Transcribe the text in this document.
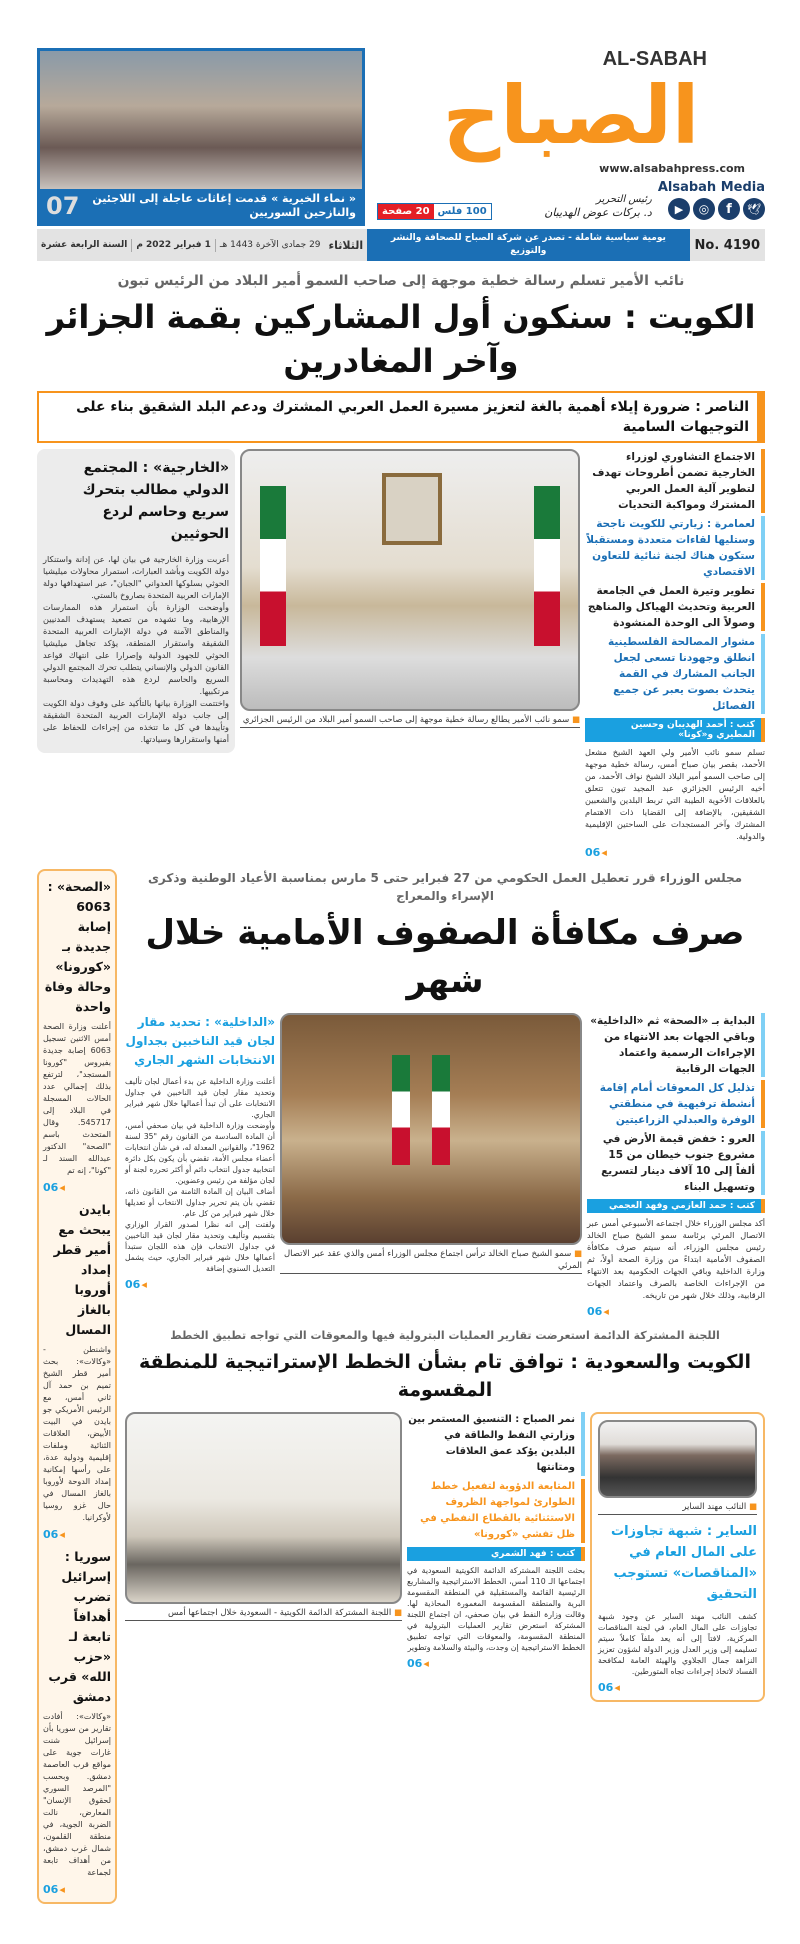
07	« نماء الخيرية » قدمت إغاثات عاجلة إلى اللاجئين والنازحين السوريين
AL-SABAH
الصباح
www.alsabahpress.com
20 صفحة 100 فلس
رئيس التحرير
د. بركات عوض الهديبان
Alsabah Media
▶	◎	f	🕊
السنة الرابعة عشرة	1 فبراير 2022 م	29 جمادى الآخرة 1443 هـ الثلاثاء
يومية سياسية شاملة - تصدر عن شركة الصباح للصحافة والنشر والتوزيع	No. 4190
نائب الأمير تسلم رسالة خطية موجهة إلى صاحب السمو أمير البلاد من الرئيس تبون
الكويت : سنكون أول المشاركين بقمة الجزائر وآخر المغادرين
الناصر : ضرورة إيلاء أهمية بالغة لتعزيز مسيرة العمل العربي المشترك ودعم البلد الشقيق بناء على التوجيهات السامية
«الخارجية» : المجتمع الدولي مطالب بتحرك سريع وحاسم لردع الحوثيين

أعربت وزارة الخارجية في بيان لها، عن إدانة واستنكار دولة الكويت وبأشد العبارات، استمرار محاولات ميليشيا الحوثي بسلوكها العدواني "الجبان"، عبر استهدافها دولة الإمارات العربية المتحدة بصاروخ بالستي.

وأوضحت الوزارة بأن استمرار هذه الممارسات الإرهابية، وما تشهده من تصعيد يستهدف المدنيين والمناطق الآمنة في دولة الإمارات العربية المتحدة الشقيقة واستقرار المنطقة، يؤكد تجاهل ميليشيا الحوثي للجهود الدولية وإصرارا على انتهاك قواعد القانون الدولي والإنساني يتطلب تحرك المجتمع الدولي السريع والحاسم لردع هذه التهديدات ومحاسبة مرتكبيها.

واختتمت الوزارة بيانها بالتأكيد على وقوف دولة الكويت إلى جانب دولة الإمارات العربية المتحدة الشقيقة وتأييدها في كل ما تتخذه من إجراءات للحفاظ على أمنها واستقرارها وسيادتها.

■ سمو نائب الأمير يطالع رسالة خطية موجهة إلى صاحب السمو أمير البلاد من الرئيس الجزائري
الاجتماع التشاوري لوزراء الخارجية تضمن أطروحات تهدف لتطوير آلية العمل العربي المشترك ومواكبة التحديات
لعمامرة : زيارتي للكويت ناجحة وستليها لقاءات متعددة ومستقبلاً ستكون هناك لجنة ثنائية للتعاون الاقتصادي
تطوير وتيرة العمل في الجامعة العربية وتحديث الهياكل والمناهج وصولاً الى الوحدة المنشودة
مشوار المصالحة الفلسطينية انطلق وجهودنا تسعى لجعل الجانب المشارك في القمة يتحدث بصوت يعبر عن جميع الفصائل
كتب : أحمد الهديبان وحسين المطيري و«كونا»

تسلم سمو نائب الأمير ولي العهد الشيخ مشعل الأحمد، بقصر بيان صباح أمس، رسالة خطية موجهة إلى صاحب السمو أمير البلاد الشيخ نواف الأحمد، من أخيه الرئيس الجزائري عبد المجيد تبون تتعلق بالعلاقات الأخوية الطيبة التي تربط البلدين والشعبين الشقيقين، بالإضافة إلى القضايا ذات الاهتمام المشترك وآخر المستجدات على الساحتين الإقليمية والدولية.

06 ◂
«الصحة» : 6063 إصابة جديدة بـ «كورونا» وحالة وفاة واحدة

أعلنت وزارة الصحة أمس الاثنين تسجيل 6063 إصابة جديدة بفيروس "كورونا المستجد"، لترتفع بذلك إجمالي عدد الحالات المسجلة في البلاد إلى 545717. وقال المتحدث باسم "الصحة" الدكتور عبدالله السند لـ "كونا"، إنه تم

06 ◂
بايدن يبحث مع أمير قطر إمداد أوروبا بالغاز المسال

واشنطن - «وكالات»: بحث أمير قطر الشيخ تميم بن حمد آل ثاني أمس، مع الرئيس الأمريكي جو بايدن في البيت الأبيض، العلاقات الثنائية وملفات إقليمية ودولية عدة، على رأسها إمكانية إمداد الدوحة لأوروبا بالغاز المسال في حال غزو روسيا لأوكرانيا.

06 ◂
سوريا : إسرائيل تضرب أهدافاً تابعة لـ «حزب الله» قرب دمشق

«وكالات»: أفادت تقارير من سوريا بأن إسرائيل شنت غارات جوية على مواقع قرب العاصمة دمشق. وبحسب "المرصد السوري لحقوق الإنسان" المعارض، نالت الضربة الجوية، في منطقة القلمون، شمال غرب دمشق، من أهداف تابعة لجماعة

06 ◂
مجلس الوزراء قرر تعطيل العمل الحكومي من 27 فبراير حتى 5 مارس بمناسبة الأعياد الوطنية وذكرى الإسراء والمعراج
صرف مكافأة الصفوف الأمامية خلال شهر
«الداخلية» : تحديد مقار لجان قيد الناخبين بجداول الانتخابات الشهر الجاري

أعلنت وزارة الداخلية عن بدء أعمال لجان تأليف وتحديد مقار لجان قيد الناخبين في جداول الانتخابات على أن تبدأ أعمالها خلال شهر فبراير الجاري.

وأوضحت وزارة الداخلية في بيان صحفي أمس، أن المادة السادسة من القانون رقم "35 لسنة 1962"، والقوانين المعدلة له، في شأن انتخابات أعضاء مجلس الأمة، تقضي بأن يكون بكل دائرة انتخابية جدول انتخاب دائم أو أكثر تحرره لجنة أو لجان مؤلفة من رئيس وعضوين.

أضاف البيان إن المادة الثامنة من القانون ذاته، تقضي بأن يتم تحرير جداول الانتخاب أو تعديلها خلال شهر فبراير من كل عام.

ولفتت إلى انه نظرا لصدور القرار الوزاري بتقسيم وتأليف وتحديد مقار لجان قيد الناخبين في جداول الانتخاب فإن هذه اللجان ستبدأ أعمالها خلال شهر فبراير الجاري، حيث يشمل التعديل السنوي إضافة

06 ◂
■ سمو الشيخ صباح الخالد ترأس اجتماع مجلس الوزراء أمس والذي عقد عبر الاتصال المرئي
البداية بـ «الصحة» ثم «الداخلية» وباقي الجهات بعد الانتهاء من الإجراءات الرسمية واعتماد الجهات الرقابية
تذليل كل المعوقات أمام إقامة أنشطة ترفيهية في منطقتي الوفرة والعبدلي الزراعيتين
العرو : خفض قيمة الأرض في مشروع جنوب خيطان من 15 ألفاً إلى 10 آلاف دينار لتسريع وتسهيل البناء
كتب : حمد العازمي وفهد العجمي

أكد مجلس الوزراء خلال اجتماعه الأسبوعي أمس عبر الاتصال المرئي برئاسة سمو الشيخ صباح الخالد رئيس مجلس الوزراء، أنه سيتم صرف مكافأة الصفوف الأمامية ابتداءً من وزارة الصحة أولاً، ثم وزارة الداخلية وباقي الجهات الحكومية بعد الانتهاء من الإجراءات الخاصة بالصرف واعتماد الجهات الرقابية، وذلك خلال شهر من تاريخه.

06 ◂
اللجنة المشتركة الدائمة استعرضت تقارير العمليات البترولية فيها والمعوقات التي تواجه تطبيق الخطط
الكويت والسعودية : توافق تام بشأن الخطط الإستراتيجية للمنطقة المقسومة
■ اللجنة المشتركة الدائمة الكويتية - السعودية خلال اجتماعها أمس
نمر الصباح : التنسيق المستمر بين وزارتي النفط والطاقة في البلدين يؤكد عمق العلاقات ومتانتها
المتابعة الدؤوبة لتفعيل خطط الطوارئ لمواجهة الظروف الاستثنائية بالقطاع النفطي في ظل تفشي «كورونا»
كتب : فهد الشمري

بحثت اللجنة المشتركة الدائمة الكويتية السعودية في اجتماعها الـ 110 أمس، الخطط الاستراتيجية والمشاريع الرئيسية القائمة والمستقبلية في المنطقة المقسومة البرية والمنطقة المقسومة المغمورة المحاذية لها. وقالت وزارة النفط في بيان صحفي، ان اجتماع اللجنة المشتركة استعرض تقارير العمليات البترولية في المنطقة المقسومة، والمعوقات التي تواجه تطبيق الخطط الاستراتيجية إن وجدت، والبيئة والسلامة وتطوير

06 ◂
■ النائب مهند الساير
الساير : شبهة تجاوزات على المال العام في «المناقصات» تستوجب التحقيق

كشف النائب مهند الساير عن وجود شبهة تجاوزات على المال العام، في لجنة المناقصات المركزية، لافتاً إلى أنه يعد ملفاً كاملاً سيتم تسليمه إلى وزير العدل وزير الدولة لشؤون تعزيز النزاهة جمال الجلاوي والهيئة العامة لمكافحة الفساد لاتخاذ إجراءات تجاه المتورطين.

06 ◂
